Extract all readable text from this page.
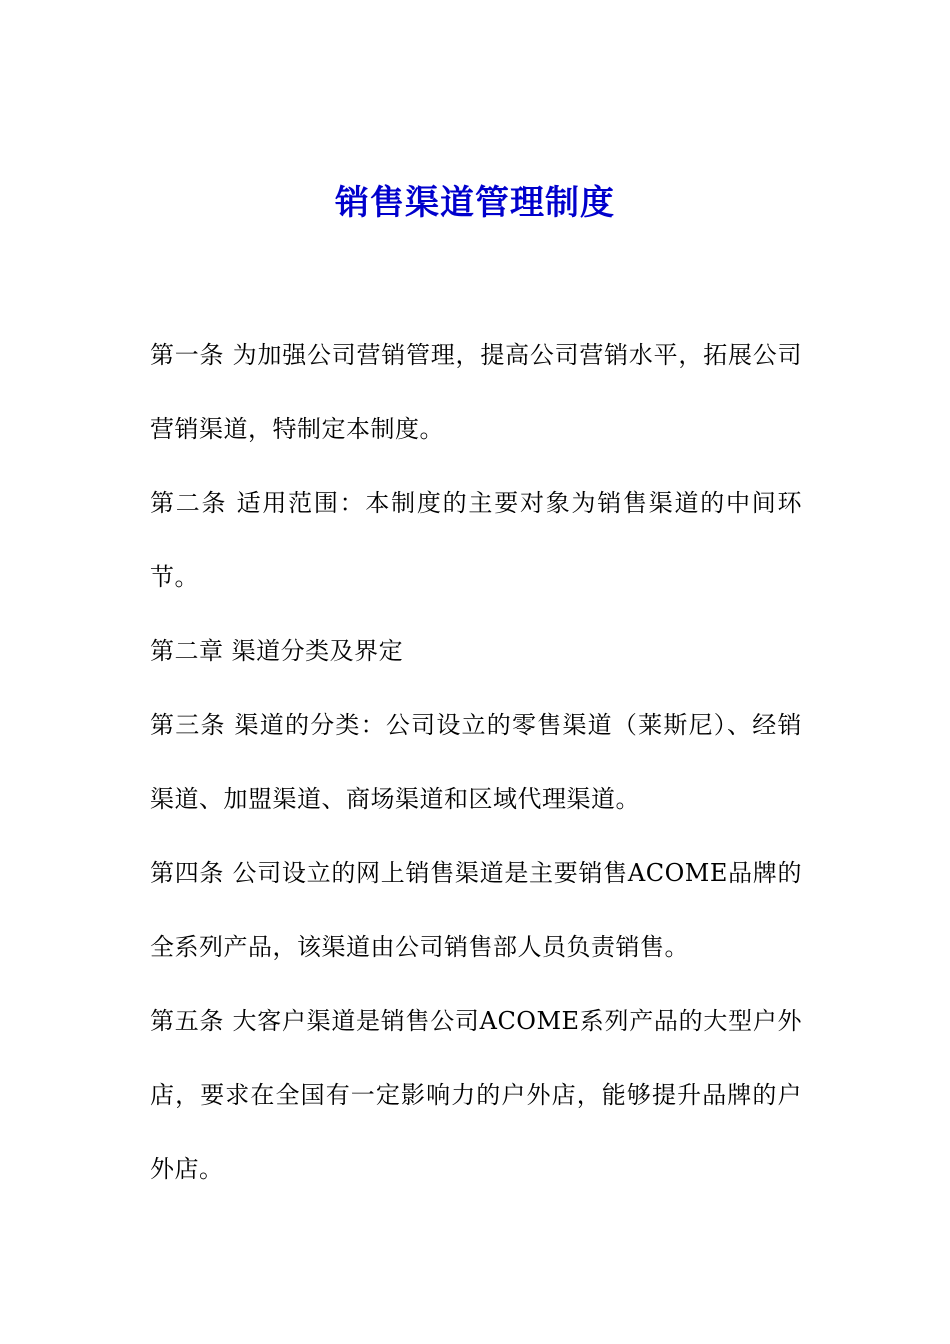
销售渠道管理制度

第一条 为加强公司营销管理，提高公司营销水平，拓展公司营销渠道，特制定本制度。

第二条 适用范围：本制度的主要对象为销售渠道的中间环节。

第二章 渠道分类及界定

第三条 渠道的分类：公司设立的零售渠道（莱斯尼）、经销渠道、加盟渠道、商场渠道和区域代理渠道。

第四条 公司设立的网上销售渠道是主要销售ACOME品牌的全系列产品，该渠道由公司销售部人员负责销售。

第五条 大客户渠道是销售公司ACOME系列产品的大型户外店，要求在全国有一定影响力的户外店，能够提升品牌的户外店。
